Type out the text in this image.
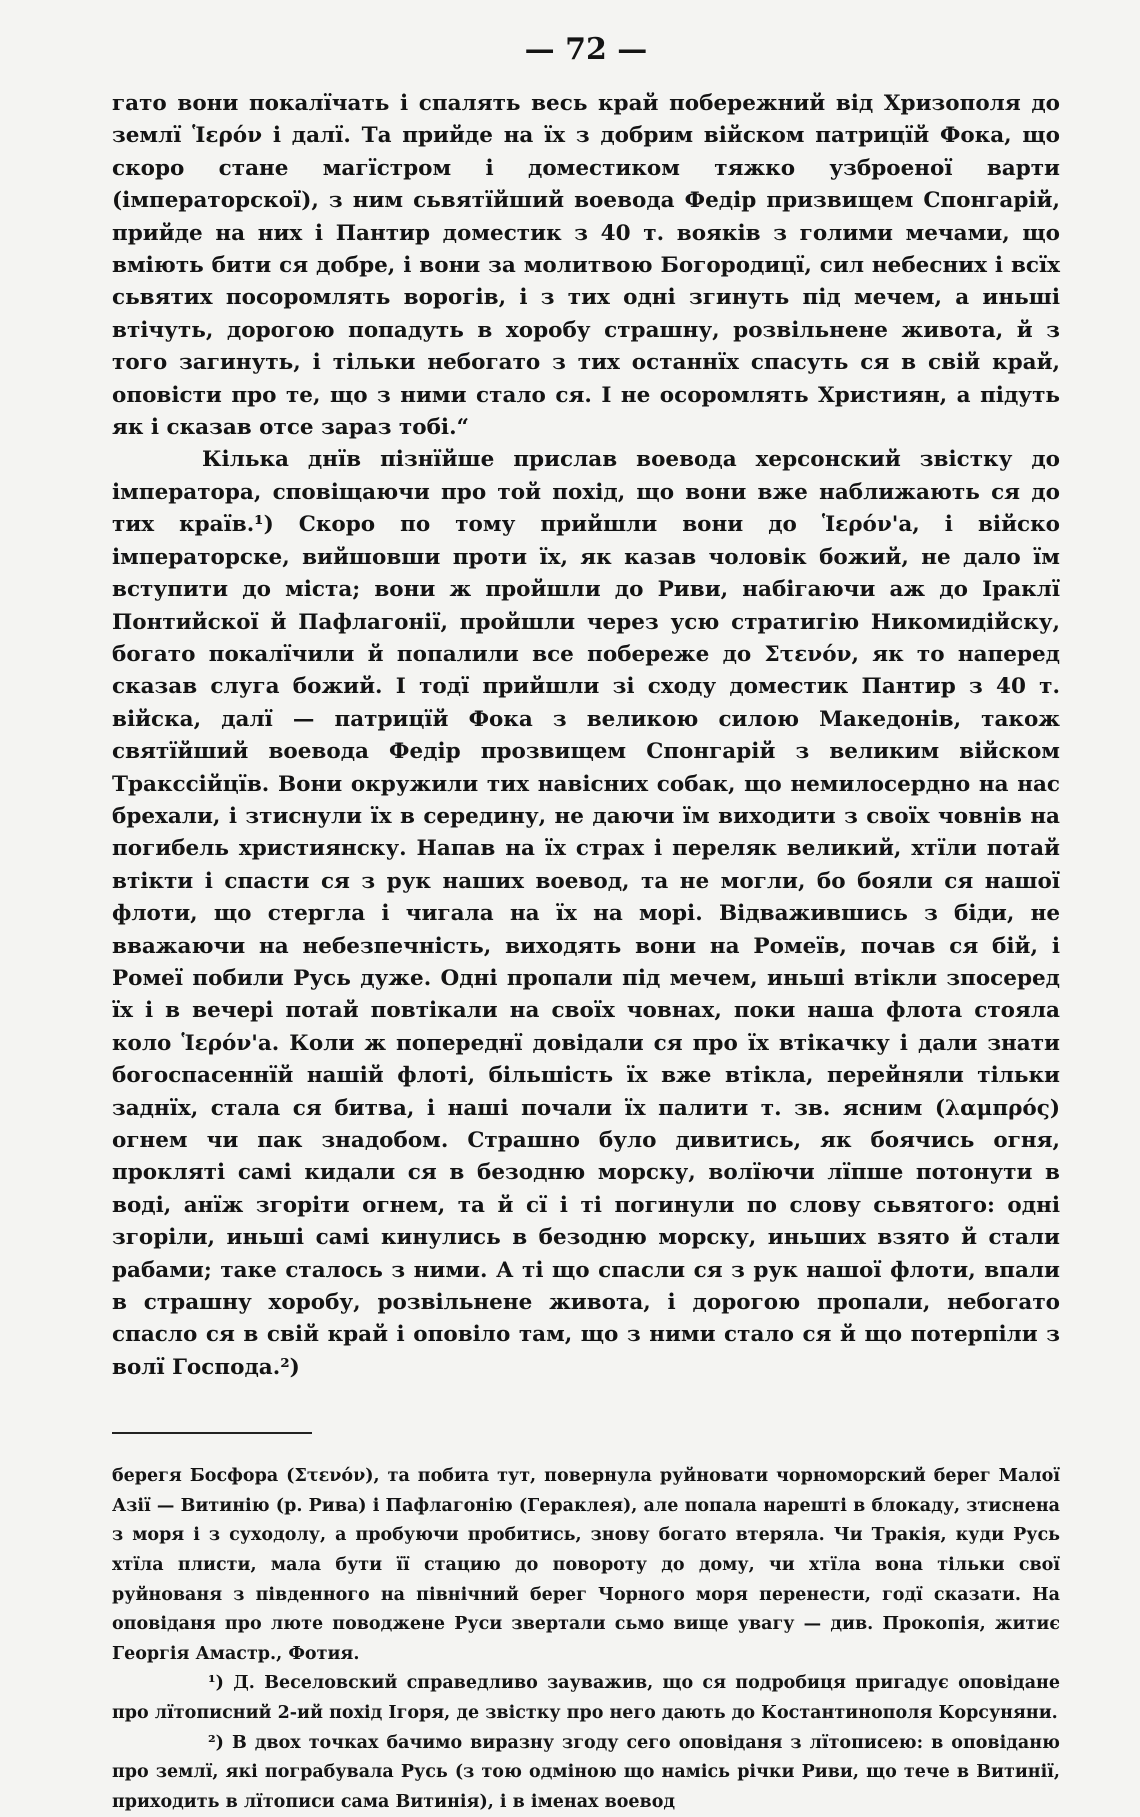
— 72 —

гато вони покалїчать і спалять весь край побережний від Хризополя до землї Ἱερόν і далї. Та прийде на їх з добрим війском патрицїй Фока, що скоро стане магїстром і доместиком тяжко узброеної варти (імператорскої), з ним сьвятїйший воевода Федір призвищем Спонгарій, прийде на них і Пантир доместик з 40 т. вояків з голими мечами, що вміють бити ся добре, і вони за молитвою Богородицї, сил небесних і всїх сьвятих посоромлять ворогів, і з тих одні згинуть під мечем, а иньші втічуть, дорогою попадуть в хоробу страшну, розвільнене живота, й з того загинуть, і тільки небогато з тих останнїх спасуть ся в свій край, оповісти про те, що з ними стало ся. І не осоромлять Християн, а підуть як і сказав отсе зараз тобі.“

Кілька днїв пізнїйше прислав воевода херсонский звістку до імператора, сповіщаючи про той похід, що вони вже наближають ся до тих країв.¹) Скоро по тому прийшли вони до Ἱερόν'а, і війско імператорске, вийшовши проти їх, як казав чоловік божий, не дало їм вступити до міста; вони ж пройшли до Риви, набігаючи аж до Іраклї Понтийскої й Пафлагонії, пройшли через усю стратигію Никомидійску, богато покалїчили й попалили все побереже до Στενόν, як то наперед сказав слуга божий. І тодї прийшли зі сходу доместик Пантир з 40 т. війска, далї — патрицїй Фока з великою силою Македонів, також святїйший воевода Федір прозвищем Спонгарій з великим війском Тракссійцїв. Вони окружили тих навісних собак, що немилосердно на нас брехали, і зтиснули їх в середину, не даючи їм виходити з своїх човнів на погибель християнску. Напав на їх страх і переляк великий, хтїли потай втікти і спасти ся з рук наших воевод, та не могли, бо бояли ся нашої флоти, що стергла і чигала на їх на морі. Відважившись з біди, не вважаючи на небезпечність, виходять вони на Ромеїв, почав ся бій, і Ромеї побили Русь дуже. Одні пропали під мечем, иньші втікли зпосеред їх і в вечері потай повтікали на своїх човнах, поки наша флота стояла коло Ἱερόν'а. Коли ж попереднї довідали ся про їх втікачку і дали знати богоспасеннїй нашій флоті, більшість їх вже втікла, перейняли тільки заднїх, стала ся битва, і наші почали їх палити т. зв. ясним (λαμπρός) огнем чи пак знадобом. Страшно було дивитись, як боячись огня, прокляті самі кидали ся в безодню морску, волїючи лїпше потонути в воді, анїж згоріти огнем, та й сї і ті погинули по слову сьвятого: одні згоріли, иньші самі кинулись в безодню морску, иньших взято й стали рабами; таке сталось з ними. А ті що спасли ся з рук нашої флоти, впали в страшну хоробу, розвільнене живота, і дорогою пропали, небогато спасло ся в свій край і оповіло там, що з ними стало ся й що потерпіли з волї Господа.²)

берегя Босфора (Στενόν), та побита тут, повернула руйновати чорноморский берег Малої Азії — Витинію (р. Рива) і Пафлагонію (Гераклея), але попала нарешті в блокаду, зтиснена з моря і з суходолу, а пробуючи пробитись, знову богато втеряла. Чи Тракія, куди Русь хтїла плисти, мала бути її стацию до повороту до дому, чи хтїла вона тільки свої руйнованя з південного на північний берег Чорного моря перенести, годї сказати. На оповіданя про люте поводжене Руси звертали сьмо вище увагу — див. Прокопія, житиє Георгія Амастр., Фотия.

¹) Д. Веселовский справедливо зауважив, що ся подробиця пригадує оповідане про лїтописний 2-ий похід Ігоря, де звістку про него дають до Костантинополя Корсуняни.

²) В двох точках бачимо виразну згоду сего оповіданя з лїтописею: в оповіданю про землї, які пограбувала Русь (з тою одміною що намісь річки Риви, що тече в Витинії, приходить в лїтописи сама Витинія), і в іменах воевод
